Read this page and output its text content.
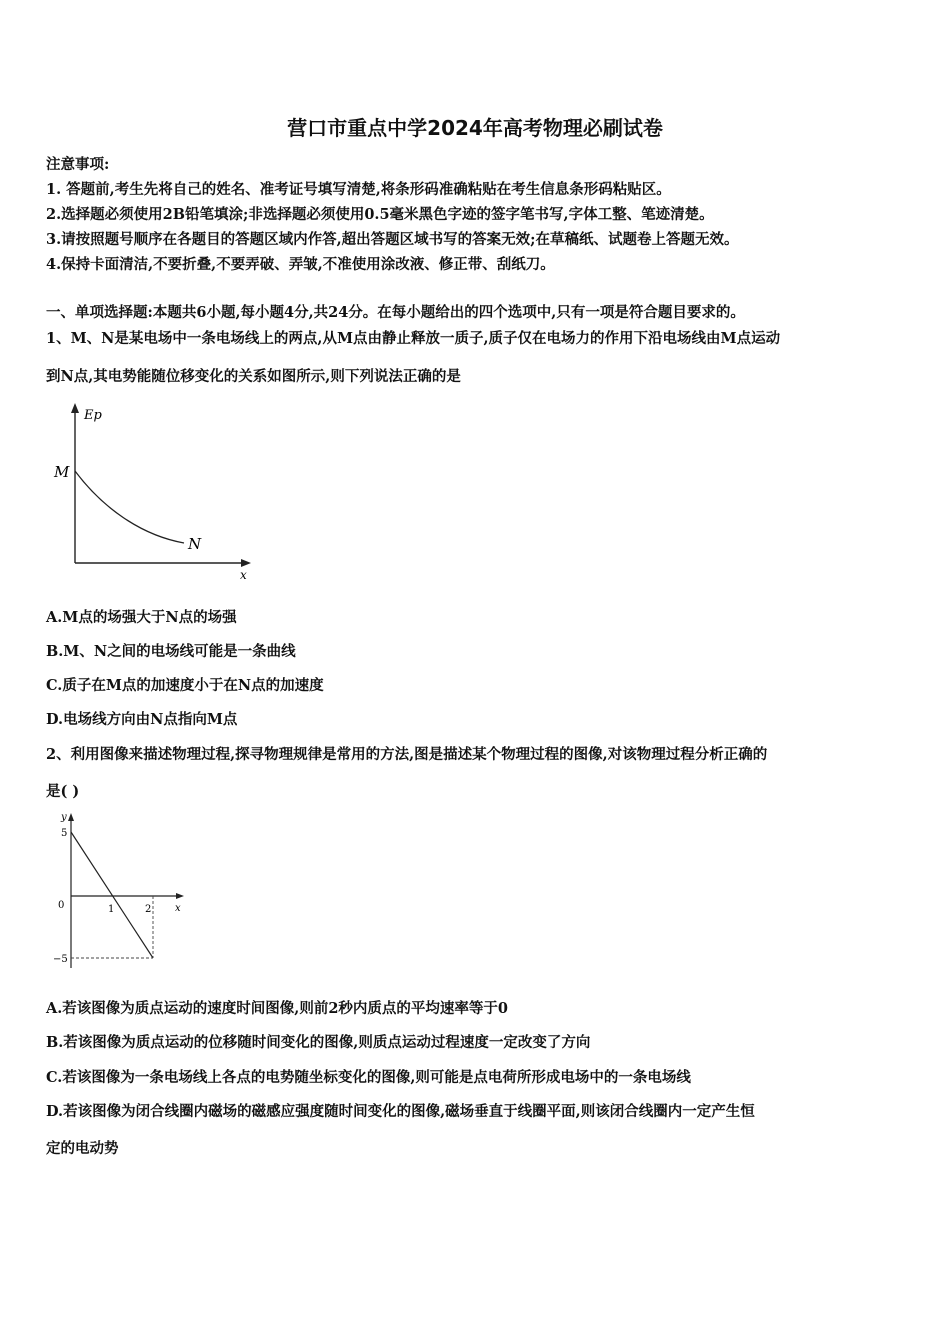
营口市重点中学2024年高考物理必刷试卷
注意事项:
1. 答题前,考生先将自己的姓名、准考证号填写清楚,将条形码准确粘贴在考生信息条形码粘贴区。
2.选择题必须使用2B铅笔填涂;非选择题必须使用0.5毫米黑色字迹的签字笔书写,字体工整、笔迹清楚。
3.请按照题号顺序在各题目的答题区域内作答,超出答题区域书写的答案无效;在草稿纸、试题卷上答题无效。
4.保持卡面清洁,不要折叠,不要弄破、弄皱,不准使用涂改液、修正带、刮纸刀。
一、单项选择题:本题共6小题,每小题4分,共24分。在每小题给出的四个选项中,只有一项是符合题目要求的。
1、M、N是某电场中一条电场线上的两点,从M点由静止释放一质子,质子仅在电场力的作用下沿电场线由M点运动
到N点,其电势能随位移变化的关系如图所示,则下列说法正确的是
Ep
x
M
N
A.M点的场强大于N点的场强
B.M、N之间的电场线可能是一条曲线
C.质子在M点的加速度小于在N点的加速度
D.电场线方向由N点指向M点
2、利用图像来描述物理过程,探寻物理规律是常用的方法,图是描述某个物理过程的图像,对该物理过程分析正确的
是( )
y
x
0
5
−5
1	2
A.若该图像为质点运动的速度时间图像,则前2秒内质点的平均速率等于0
B.若该图像为质点运动的位移随时间变化的图像,则质点运动过程速度一定改变了方向
C.若该图像为一条电场线上各点的电势随坐标变化的图像,则可能是点电荷所形成电场中的一条电场线
D.若该图像为闭合线圈内磁场的磁感应强度随时间变化的图像,磁场垂直于线圈平面,则该闭合线圈内一定产生恒
定的电动势
